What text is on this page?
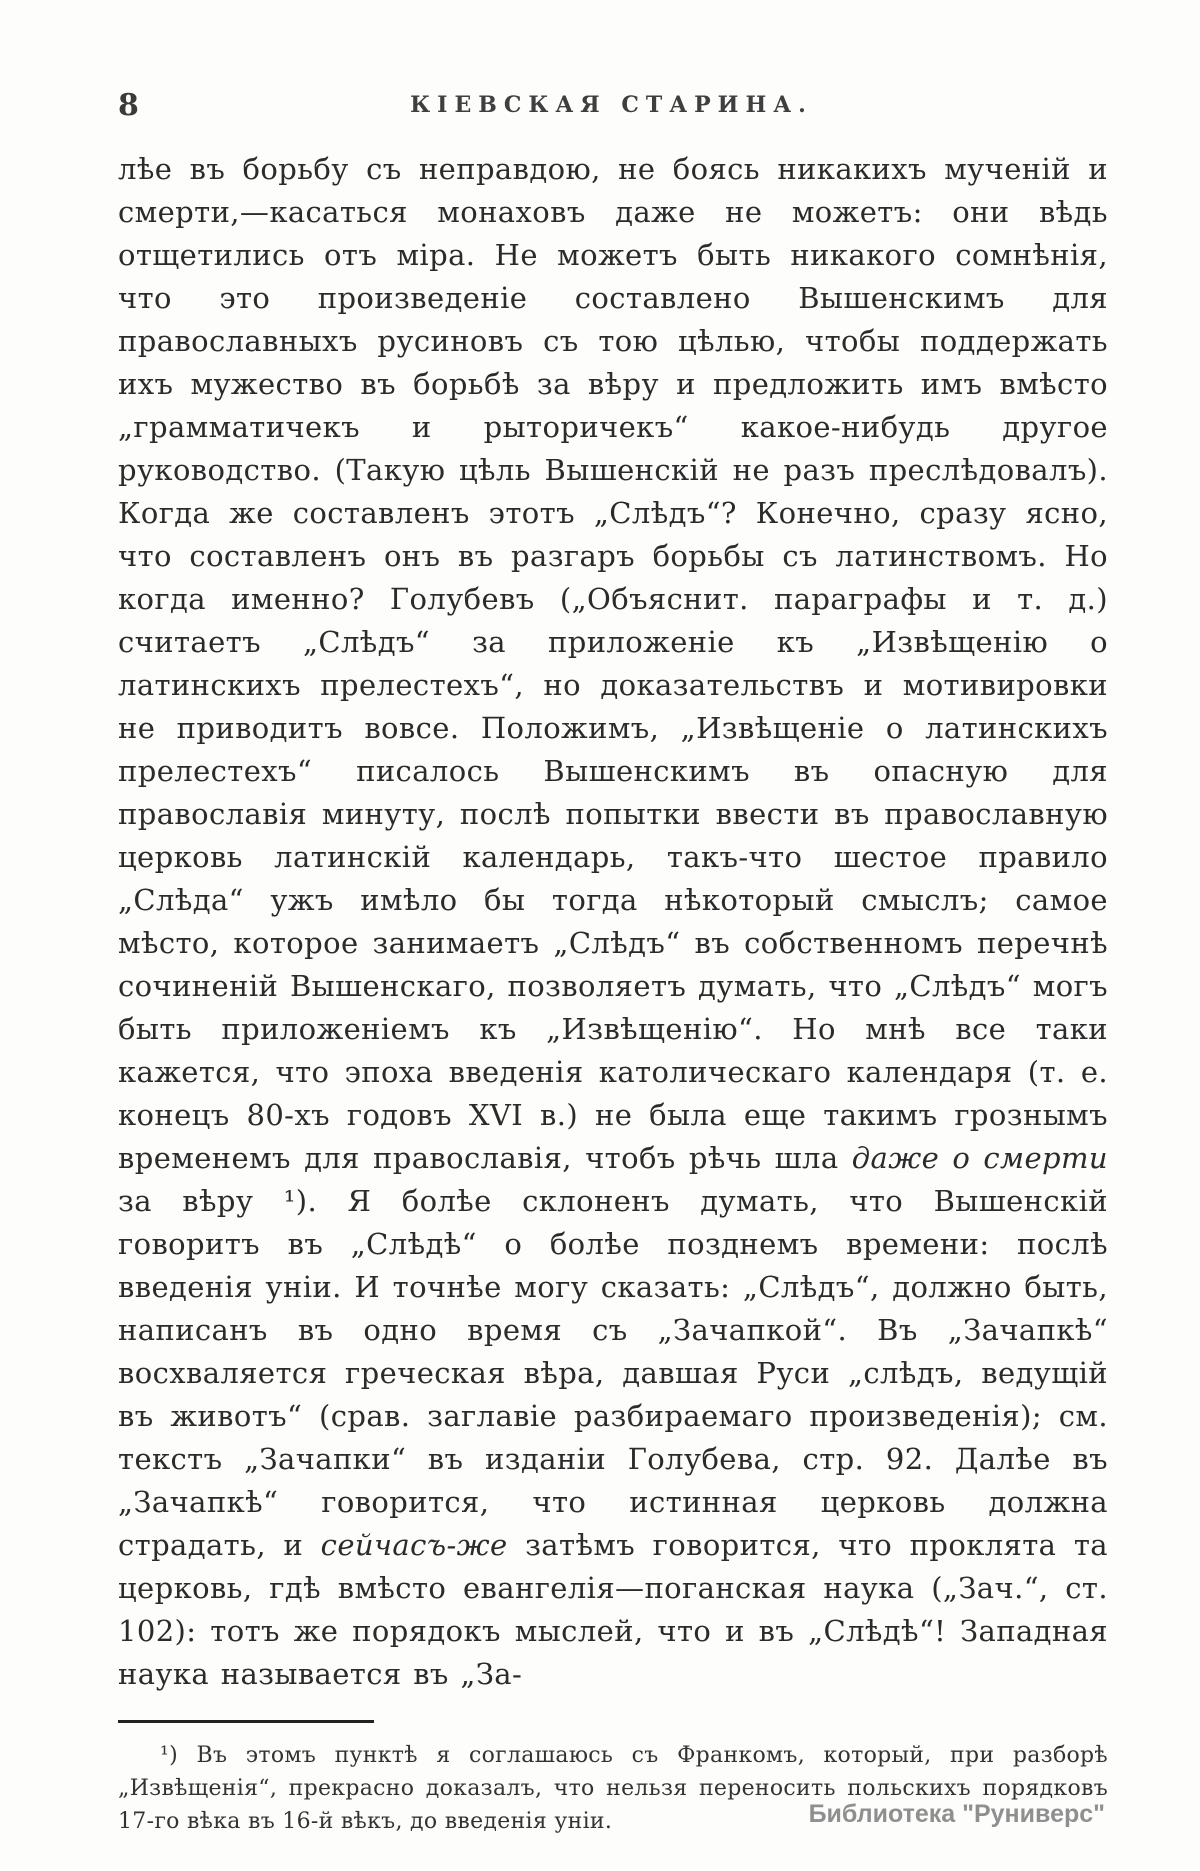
8	КІЕВСКАЯ СТАРИНА.

лѣе въ борьбу съ неправдою, не боясь никакихъ мученій и смерти,—касаться монаховъ даже не можетъ: они вѣдь отщетились отъ міра. Не можетъ быть никакого сомнѣнія, что это произведеніе составлено Вышенскимъ для православныхъ русиновъ съ тою цѣлью, чтобы поддержать ихъ мужество въ борьбѣ за вѣру и предложить имъ вмѣсто „грамматичекъ и рыторичекъ“ какое-нибудь другое руководство. (Такую цѣль Вышенскій не разъ преслѣдовалъ). Когда же составленъ этотъ „Слѣдъ“? Конечно, сразу ясно, что составленъ онъ въ разгаръ борьбы съ латинствомъ. Но когда именно? Голубевъ („Объяснит. параграфы и т. д.) считаетъ „Слѣдъ“ за приложеніе къ „Извѣщенію о латинскихъ прелестехъ“, но доказательствъ и мотивировки не приводитъ вовсе. Положимъ, „Извѣщеніе о латинскихъ прелестехъ“ писалось Вышенскимъ въ опасную для православія минуту, послѣ попытки ввести въ православную церковь латинскій календарь, такъ-что шестое правило „Слѣда“ ужъ имѣло бы тогда нѣкоторый смыслъ; самое мѣсто, которое занимаетъ „Слѣдъ“ въ собственномъ перечнѣ сочиненій Вышенскаго, позволяетъ думать, что „Слѣдъ“ могъ быть приложеніемъ къ „Извѣщенію“. Но мнѣ все таки кажется, что эпоха введенія католическаго календаря (т. е. конецъ 80-хъ годовъ XVI в.) не была еще такимъ грознымъ временемъ для православія, чтобъ рѣчь шла даже о смерти за вѣру ¹). Я болѣе склоненъ думать, что Вышенскій говоритъ въ „Слѣдѣ“ о болѣе позднемъ времени: послѣ введенія уніи. И точнѣе могу сказать: „Слѣдъ“, должно быть, написанъ въ одно время съ „Зачапкой“. Въ „Зачапкѣ“ восхваляется греческая вѣра, давшая Руси „слѣдъ, ведущій въ животъ“ (срав. заглавіе разбираемаго произведенія); см. текстъ „Зачапки“ въ изданіи Голубева, стр. 92. Далѣе въ „Зачапкѣ“ говорится, что истинная церковь должна страдать, и сейчасъ-же затѣмъ говорится, что проклята та церковь, гдѣ вмѣсто евангелія—поганская наука („Зач.“, ст. 102): тотъ же порядокъ мыслей, что и въ „Слѣдѣ“! Западная наука называется въ „За-

¹) Въ этомъ пунктѣ я соглашаюсь съ Франкомъ, который, при разборѣ „Извѣщенія“, прекрасно доказалъ, что нельзя переносить польскихъ порядковъ 17-го вѣка въ 16-й вѣкъ, до введенія уніи.	Библиотека "Руниверс"
